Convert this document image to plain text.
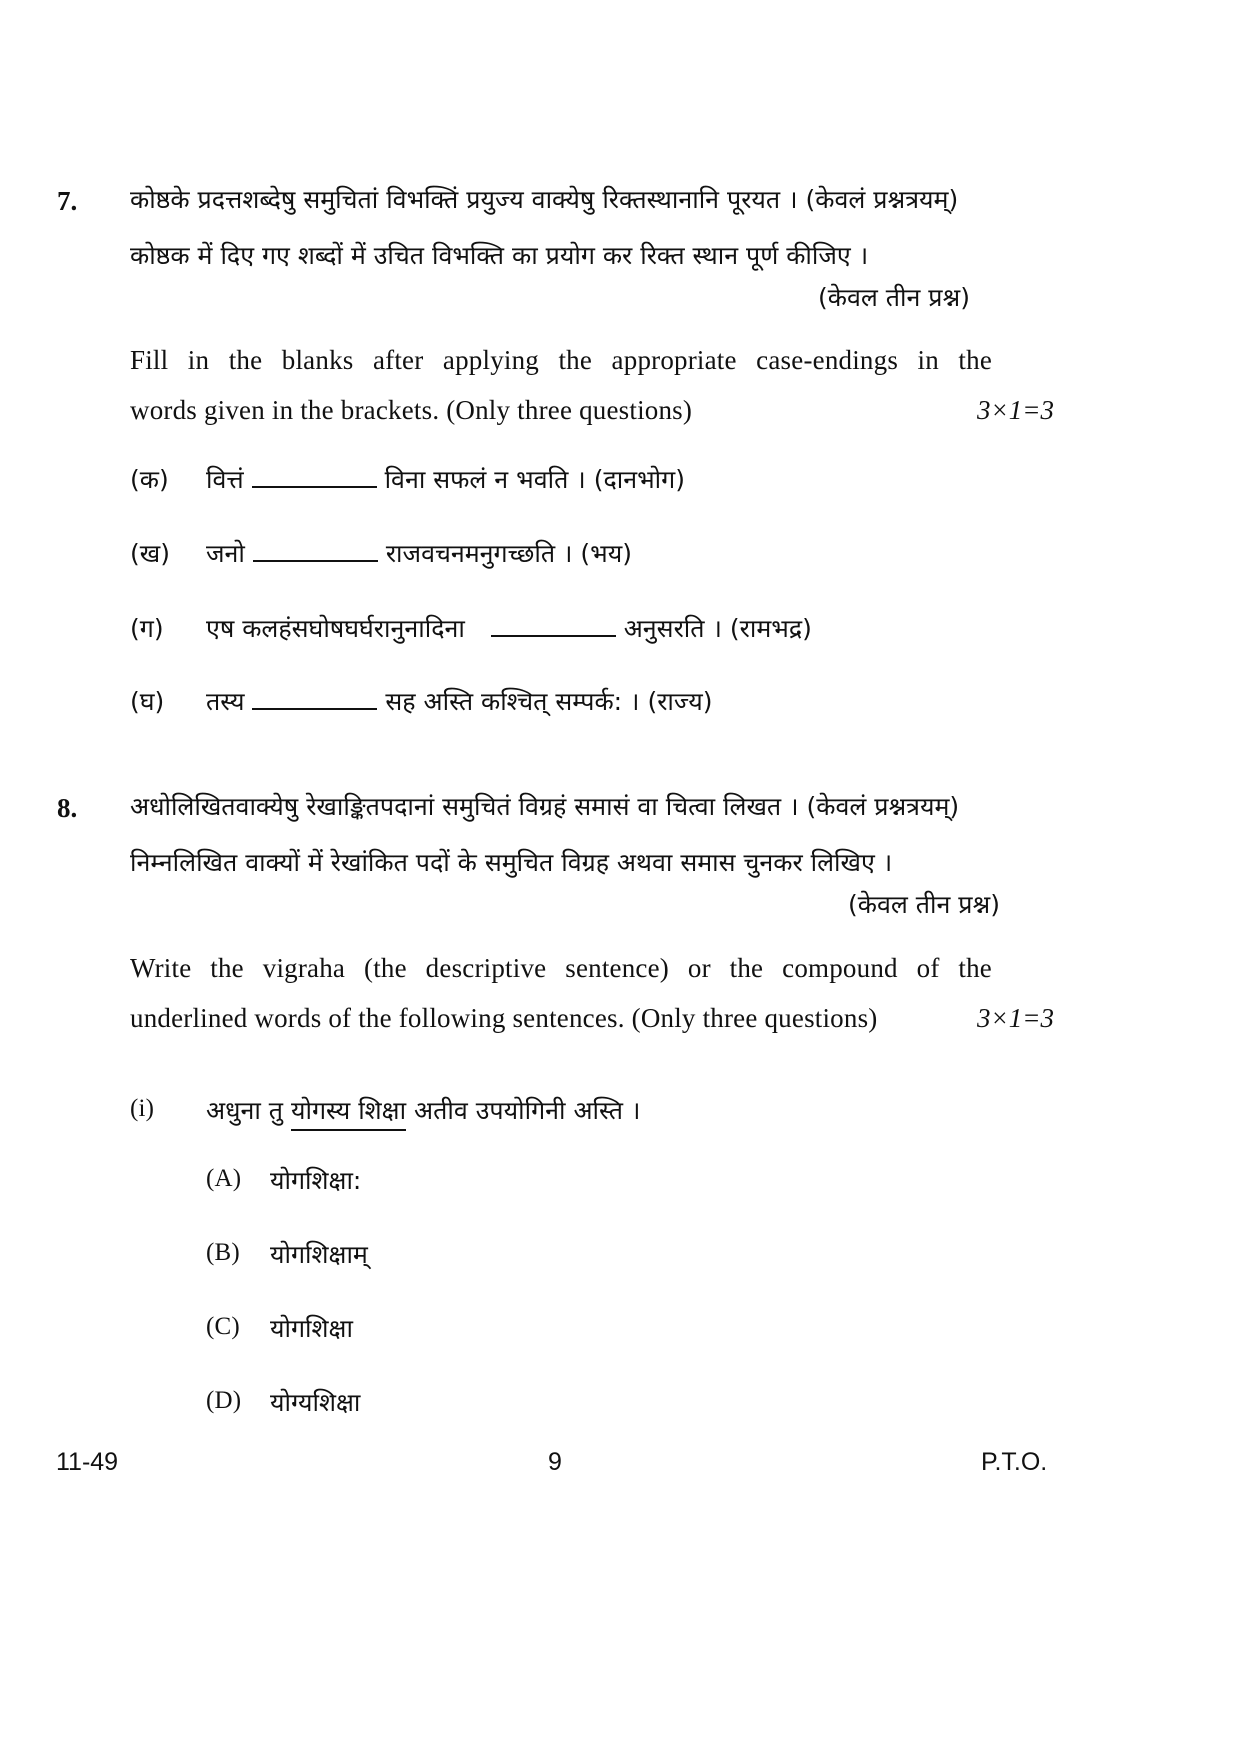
7. कोष्ठके प्रदत्तशब्देषु समुचितां विभक्तिं प्रयुज्य वाक्येषु रिक्तस्थानानि पूरयत । (केवलं प्रश्नत्रयम्)
कोष्ठक में दिए गए शब्दों में उचित विभक्ति का प्रयोग कर रिक्त स्थान पूर्ण कीजिए ।
(केवल तीन प्रश्न)
Fill in the blanks after applying the appropriate case-endings in the
words given in the brackets. (Only three questions)	3×1=3
(क) वित्तं	विना सफलं न भवति । (दानभोग)
(ख) जनो	राजवचनमनुगच्छति । (भय)
(ग) एष कलहंसघोषघर्घरानुनादिना	अनुसरति । (रामभद्र)
(घ) तस्य	सह अस्ति कश्चित् सम्पर्क: । (राज्य)
8. अधोलिखितवाक्येषु रेखाङ्कितपदानां समुचितं विग्रहं समासं वा चित्वा लिखत । (केवलं प्रश्नत्रयम्)
निम्नलिखित वाक्यों में रेखांकित पदों के समुचित विग्रह अथवा समास चुनकर लिखिए ।
(केवल तीन प्रश्न)
Write the vigraha (the descriptive sentence) or the compound of the
underlined words of the following sentences. (Only three questions)	3×1=3
(i) अधुना तु योगस्य शिक्षा अतीव उपयोगिनी अस्ति ।
(A) योगशिक्षा:
(B) योगशिक्षाम्
(C) योगशिक्षा
(D) योग्यशिक्षा
11-49	9	P.T.O.
